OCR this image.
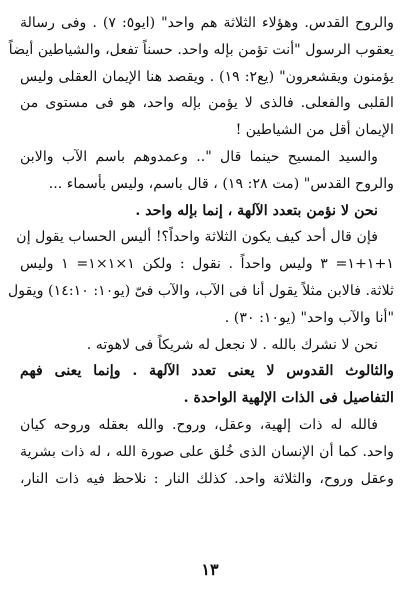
والروح القدس. وهؤلاء الثلاثة هم واحد" (ايو٥: ٧) . وفى رسالة
يعقوب الرسول "أنت تؤمن بإله واحد. حسناً تفعل، والشياطين أيضاً
يؤمنون ويقشعرون" (يع٢: ١٩) . ويقصد هنا الإيمان العقلى وليس
القلبى والفعلى. فالذى لا يؤمن بإله واحد، هو فى مستوى من
الإيمان أقل من الشياطين !
والسيد المسيح حينما قال ".. وعمدوهم باسم الآب والابن
والروح القدس" (مت ٢٨: ١٩) ، قال باسم، وليس بأسماء ...
نحن لا نؤمن بتعدد الآلهة ، إنما بإله واحد .
فإن قال أحد كيف يكون الثلاثة واحداً؟! أليس الحساب يقول إن
١+١+١= ٣ وليس واحداً . نقول : ولكن ١×١×١= ١ وليس
ثلاثة. فالابن مثلاً يقول أنا فى الآب، والآب فىّ (يو١٠: ١٤:١٠) ويقول
"أنا والآب واحد" (يو١٠: ٣٠) .
نحن لا نشرك بالله . لا نجعل له شريكاً فى لاهوته .
والثالوث القدوس لا يعنى تعدد الآلهة . وإنما يعنى فهم
التفاصيل فى الذات الإلهية الواحدة .
فالله له ذات إلهية، وعقل، وروح. والله بعقله وروحه كيان
واحد. كما أن الإنسان الذى خُلق على صورة الله ، له ذات بشرية
وعقل وروح، والثلاثة واحد. كذلك النار : نلاحظ فيه ذات النار،
١٣
